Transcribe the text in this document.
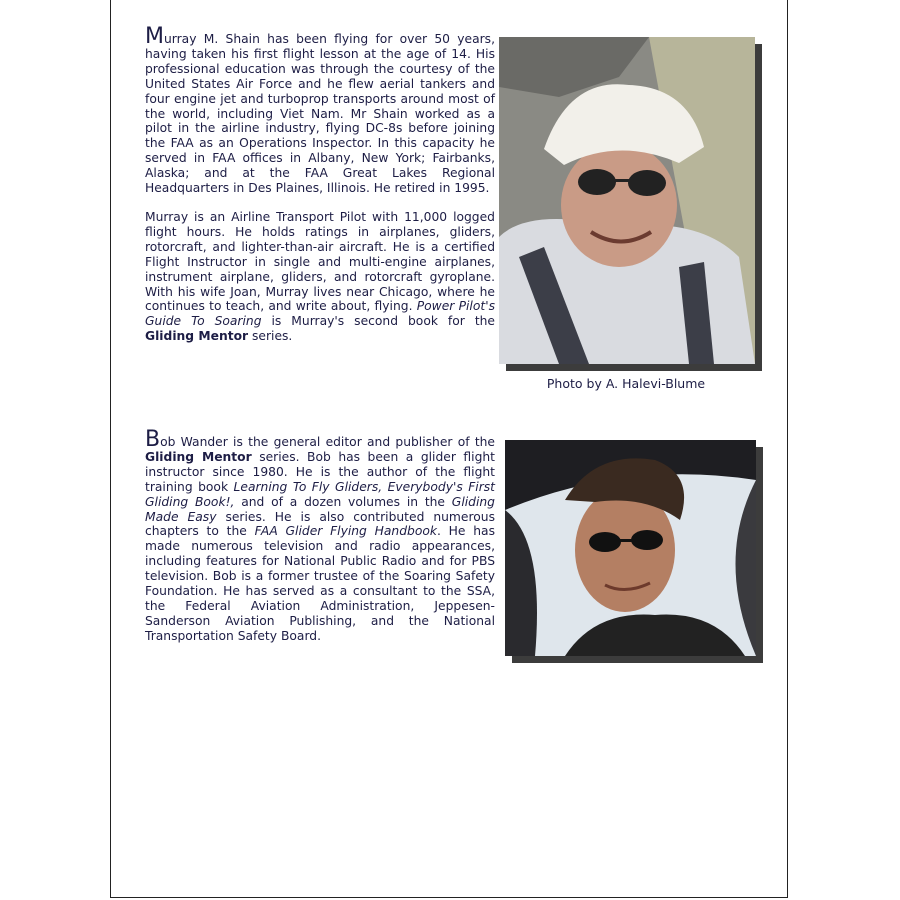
Murray M. Shain has been flying for over 50 years, having taken his first flight lesson at the age of 14. His professional education was through the courtesy of the United States Air Force and he flew aerial tankers and four engine jet and turboprop transports around most of the world, including Viet Nam. Mr Shain worked as a pilot in the airline industry, flying DC-8s before joining the FAA as an Operations Inspector. In this capacity he served in FAA offices in Albany, New York; Fairbanks, Alaska; and at the FAA Great Lakes Regional Headquarters in Des Plaines, Illinois. He retired in 1995.

Murray is an Airline Transport Pilot with 11,000 logged flight hours. He holds ratings in airplanes, gliders, rotorcraft, and lighter-than-air aircraft. He is a certified Flight Instructor in single and multi-engine airplanes, instrument airplane, gliders, and rotorcraft gyroplane. With his wife Joan, Murray lives near Chicago, where he continues to teach, and write about, flying. Power Pilot's Guide To Soaring is Murray's second book for the Gliding Mentor series.

Photo by A. Halevi-Blume

Bob Wander is the general editor and publisher of the Gliding Mentor series. Bob has been a glider flight instructor since 1980. He is the author of the flight training book Learning To Fly Gliders, Everybody's First Gliding Book!, and of a dozen volumes in the Gliding Made Easy series. He is also contributed numerous chapters to the FAA Glider Flying Handbook. He has made numerous television and radio appearances, including features for National Public Radio and for PBS television. Bob is a former trustee of the Soaring Safety Foundation. He has served as a consultant to the SSA, the Federal Aviation Administration, Jeppesen-Sanderson Aviation Publishing, and the National Transportation Safety Board.
